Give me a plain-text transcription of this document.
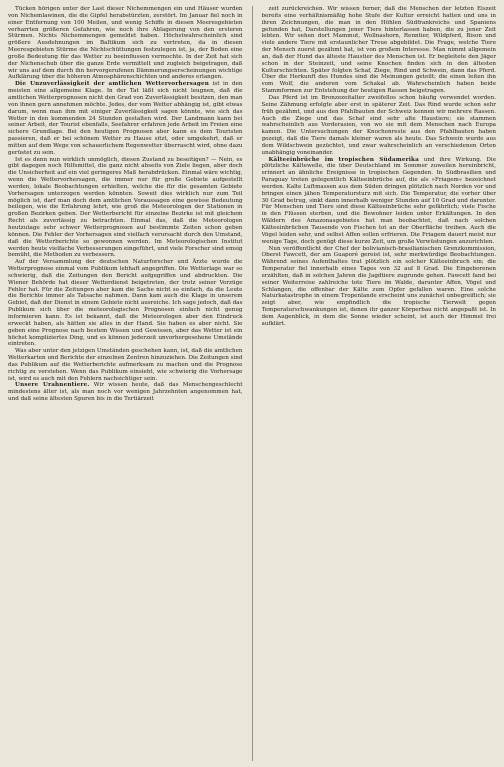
Tücken hörigen unter der Last dieser Nichemmengen ein und Häuser wurden von Nichemlawinen, die die Gipfel herabstürzten, zerstört. Im Januar fiel noch in einer Entfernung von 100 Meilen, und wenig Schiffe in diesen Meeresgebieten verharrten größeren Gefahren, wie noch ihre Ablagerung von den ersteren Stürmen. Nichts Nichemmengen gemeldet haben. Höchstwahrscheinlich sind größere Ausdehnungen im Baltikum sich zu vertreten, da in diesen Meeresgebieten Stürme die Nichtschüttungen festzulegen ist, ja, der Boden eine große Bedeutung für das Wetter zu beeinflussen vermochte. In der Zeit hat sich der Nichenschub über die ganze Erde vermittelt und zugleich beigetragen, daß wir uns auf dem durch ihn hervorgerufenen Dämmerungserscheinungen wichtige Aufklärung über die höheren Atmosphärenschichten und anderes erlangen.

Die Unzuverlässigkeit der amtlichen Wettervorhersagen ist in den meisten eine allgemeine Klage. In der Tat läßt sich nicht leugnen, daß die amtlichen Wetterprognosen nicht den Grad von Zuverlässigkeit besitzen, den man von ihnen gern annehmen möchte. Jedes, der vom Wetter abhängig ist, gibt etwas darum, wenn man ihm mit einiger Zuverlässigkeit sagen könnte, wie sich das Wetter in den kommenden 24 Stunden gestalten wird. Der Landmann kann bei seiner Arbeit, der Tourist ebenfalls, Seefahrer erfahren jede Arbeit im Freien eine sichere Grundlage. Bei den heutigen Prognosen aber kann es dem Touristen passieren, daß er bei schönem Wetter zu Hause sitzt, oder umgekehrt, daß er mitten auf dem Wege von schauerlichem Regenwetter überrascht wird, ohne dazu gerüstet zu sein.

Ist es denn nun wirklich unmöglich, diesen Zustand zu beseitigen? — Nein, es gibt dagegen noch Hilfsmittel, die ganz nicht abseits von Ziele liegen, aber doch die Unsicherheit auf ein viel geringeres Maß herabdrücken. Einmal wäre wichtig, wenn die Wettervorhersagen, die immer nur für große Gebiete aufgestellt werden, lokale Beobachtungen erhielten, welche die für die gesamten Gebiete Vorhersagen unterzogen werden könnten. Soweit dies wirklich nur zum Teil möglich ist, darf man doch dem amtlichen Voraussagen eine gewisse Bedeutung beilegen, wie die Erfahrung lehrt, wie groß die Meteorologen der Stationen in großen Bezirken geben. Der Wetterbericht für einzelne Bezirke ist mit gleichem Recht als zuverlässig zu betrachten. Einmal das, daß die Meteorologen heutzutage sehr schwer Wetterprognosen auf bestimmte Zeiten schon geben können. Die Fehler der Vorhersagen sind vielfach verursacht durch den Umstand, daß die Wetterberichte so gewonnen werden. Im Meteorologischen Institut werden heute vielfache Verbesserungen eingeführt, und viele Forscher sind emsig bemüht, die Methoden zu verbessern.

Auf der Versammlung der deutschen Naturforscher und Ärzte wurde die Wetterprognose einmal vom Publikum lebhaft angegriffen. Die Wetterlage war so schwierig, daß die Zeitungen den Bericht aufgegriffen und abdruckten. Die Wiener Behörde hat dieser Wetterdienst beigetreten, der trotz seiner Vorzüge Fehler hat. Für die Zeitungen aber kam die Sache nicht so einfach, da die Leute die Berichte immer als Tatsache nahmen. Dann kam auch die Klage in unserem Gebiet, daß der Dienst in einem Gebiete nicht ausreiche. Ich sage jedoch, daß das Publikum sich über die meteorologischen Prognosen einfach nicht genug informieren kann. Es ist bekannt, daß die Meteorologen aber den Eindruck erweckt haben, als hätten sie alles in der Hand. Sie haben es aber nicht. Sie geben eine Prognose nach bestem Wissen und Gewissen, aber das Wetter ist ein höchst kompliziertes Ding, und es können jederzeit unvorhergesehene Umstände eintreten.

Was aber unter den jetzigen Umständen geschehen kann, ist, daß die amtlichen Wetterkarten und Berichte der einzelnen Zentren hinzuziehen. Die Zeitungen sind das Publikum auf die Wetterberichte aufmerksam zu machen und die Prognose richtig zu verstehen. Wenn das Publikum einsieht, wie schwierig die Vorhersage ist, wird es auch mit den Fehlern nachsichtiger sein.

Unsere Urahnentiere. Wir wissen heute, daß das Menschengeschlecht mindestens älter ist, als man noch vor wenigen Jahrzehnten angenommen hat, und daß seine ältesten Spuren bis in die Tertiärzeit

zeit zurückreichen. Wir wissen ferner, daß die Menschen der letzten Eiszeit bereits eine verhältnismäßig hohe Stufe der Kultur erreicht hatten und uns in ihren Zeichnungen, die man in den Höhlen Südfrankreichs und Spaniens gefunden hat, Darstellungen jener Tiere hinterlassen haben, die zu jener Zeit lebten. Wir sehen dort Mammut, Wollnashorn, Renntier, Wildpferd, Bison und viele andere Tiere mit erstaunlicher Treue abgebildet. Die Frage, welche Tiere der Mensch zuerst gezähmt hat, ist von großem Interesse. Man nimmt allgemein an, daß der Hund das älteste Haustier des Menschen ist. Er begleitete den Jäger schon in der Steinzeit, und seine Knochen finden sich in den ältesten Kulturschichten. Später folgten Schaf, Ziege, Rind und Schwein, dann das Pferd. Über die Herkunft des Hundes sind die Meinungen geteilt; die einen leiten ihn vom Wolf, die anderen vom Schakal ab. Wahrscheinlich haben beide Stammformen zur Entstehung der heutigen Rassen beigetragen.

Das Pferd ist im Bronzezeitalter zweifellos schon häufig verwendet worden. Seine Zähmung erfolgte aber erst in späterer Zeit. Das Rind wurde schon sehr früh gezähmt, und aus den Pfahlbauten der Schweiz kennen wir mehrere Rassen. Auch die Ziege und das Schaf sind sehr alte Haustiere; sie stammen wahrscheinlich aus Vorderasien, von wo sie mit dem Menschen nach Europa kamen. Die Untersuchungen der Knochenreste aus den Pfahlbauten haben gezeigt, daß die Tiere damals kleiner waren als heute. Das Schwein wurde aus dem Wildschwein gezüchtet, und zwar wahrscheinlich an verschiedenen Orten unabhängig voneinander.

Kälteeinbrüche im tropischen Südamerika und ihre Wirkung. Die plötzliche Kältewelle, die über Deutschland im Sommer zuweilen hereinbricht, erinnert an ähnliche Ereignisse in tropischen Gegenden. In Südbrasilien und Paraguay treten gelegentlich Kälteeinbrüche auf, die als »Friagem« bezeichnet werden. Kalte Luftmassen aus dem Süden dringen plötzlich nach Norden vor und bringen einen jähen Temperatursturz mit sich. Die Temperatur, die vorher über 30 Grad betrug, sinkt dann innerhalb weniger Stunden auf 10 Grad und darunter. Für Menschen und Tiere sind diese Kälteeinbrüche sehr gefährlich; viele Fische in den Flüssen sterben, und die Bewohner leiden unter Erkältungen. In den Wäldern des Amazonasgebietes hat man beobachtet, daß nach solchen Kälteeinbrüchen Tausende von Fischen tot an der Oberfläche treiben. Auch die Vögel leiden sehr, und selbst Affen sollen erfrieren. Die Friagem dauert meist nur wenige Tage, doch genügt diese kurze Zeit, um große Verwüstungen anzurichten.

Nun veröffentlicht der Chef der bolivianisch-brasilianischen Grenzkommission, Oberst Fawcett, der am Guaporé gereist ist, sehr merkwürdige Beobachtungen. Während seines Aufenthaltes trat plötzlich ein solcher Kälteeinbruch ein; die Temperatur fiel innerhalb eines Tages von 32 auf 8 Grad. Die Eingeborenen erzählten, daß in solchen Jahren die Jagdtiere zugrunde gehen. Fawcett fand bei seiner Weiterreise zahlreiche tote Tiere im Walde, darunter Affen, Vögel und Schlangen, die offenbar der Kälte zum Opfer gefallen waren. Eine solche Naturkatastrophe in einem Tropenlande erscheint uns zunächst unbegreiflich; sie zeigt aber, wie empfindlich die tropische Tierwelt gegen Temperaturschwankungen ist, denen ihr ganzer Körperbau nicht angepaßt ist. In dem Augenblick, in dem die Sonne wieder scheint, ist auch der Himmel frei aufklärt.
